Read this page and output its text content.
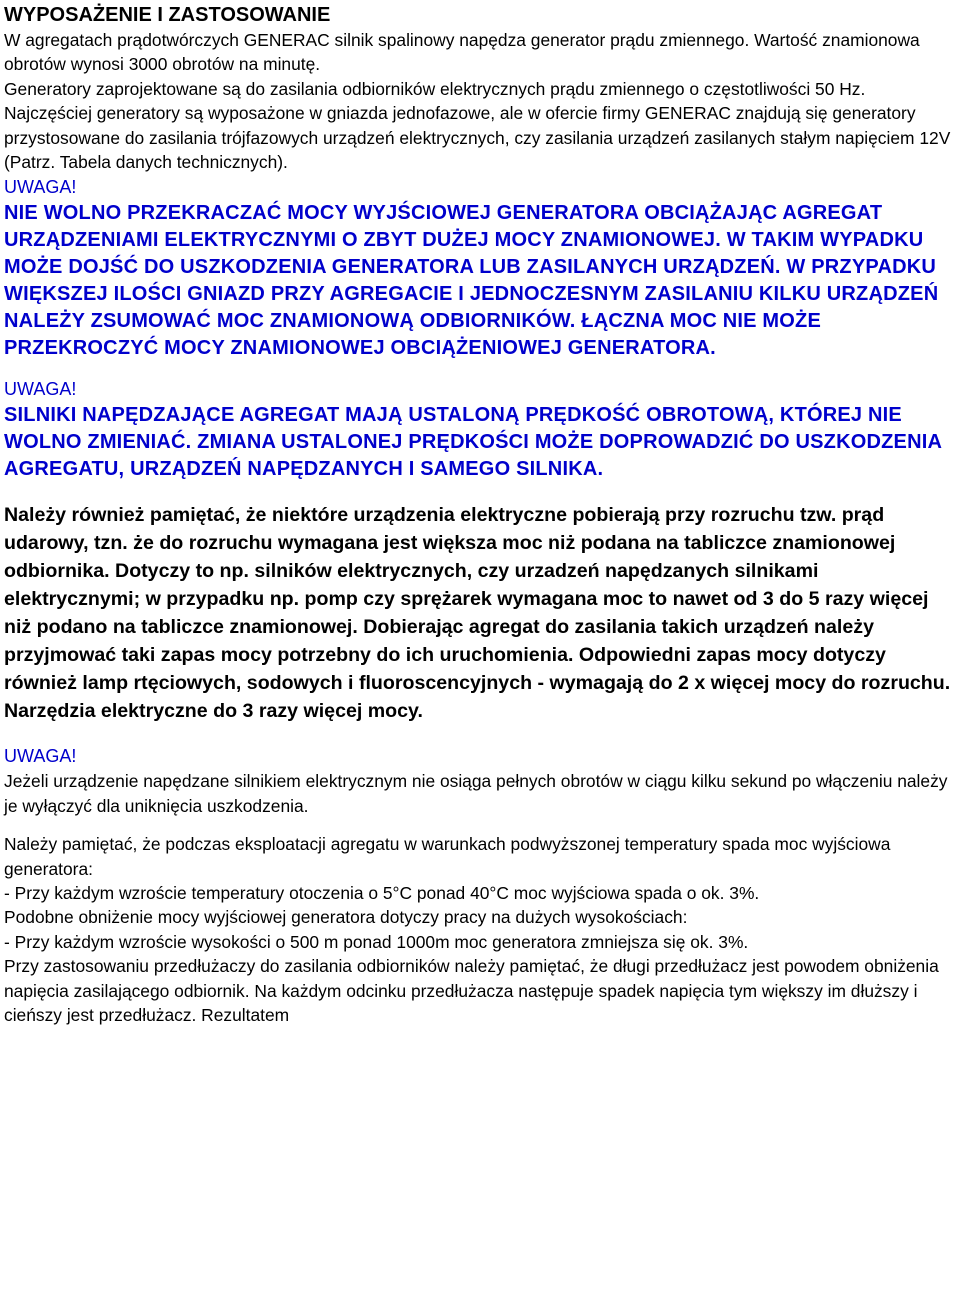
WYPOSAŻENIE I ZASTOSOWANIE

W agregatach prądotwórczych GENERAC silnik spalinowy napędza generator prądu zmiennego. Wartość znamionowa obrotów wynosi 3000 obrotów na minutę.

Generatory zaprojektowane są do zasilania odbiorników elektrycznych prądu zmiennego o częstotliwości 50 Hz.

Najczęściej generatory są wyposażone w gniazda jednofazowe, ale w ofercie firmy GENERAC znajdują się generatory przystosowane do zasilania trójfazowych urządzeń elektrycznych, czy zasilania urządzeń zasilanych stałym napięciem 12V (Patrz. Tabela danych technicznych).

UWAGA!

NIE WOLNO PRZEKRACZAĆ MOCY WYJŚCIOWEJ GENERATORA OBCIĄŻAJĄC AGREGAT URZĄDZENIAMI ELEKTRYCZNYMI O ZBYT DUŻEJ MOCY ZNAMIONOWEJ. W TAKIM WYPADKU MOŻE DOJŚĆ DO USZKODZENIA GENERATORA LUB ZASILANYCH URZĄDZEŃ. W PRZYPADKU WIĘKSZEJ ILOŚCI GNIAZD PRZY AGREGACIE I JEDNOCZESNYM ZASILANIU KILKU URZĄDZEŃ NALEŻY ZSUMOWAĆ MOC ZNAMIONOWĄ ODBIORNIKÓW. ŁĄCZNA MOC NIE MOŻE PRZEKROCZYĆ MOCY ZNAMIONOWEJ OBCIĄŻENIOWEJ GENERATORA.

UWAGA!

SILNIKI NAPĘDZAJĄCE AGREGAT MAJĄ USTALONĄ PRĘDKOŚĆ OBROTOWĄ, KTÓREJ NIE WOLNO ZMIENIAĆ. ZMIANA USTALONEJ PRĘDKOŚCI MOŻE DOPROWADZIĆ DO USZKODZENIA AGREGATU, URZĄDZEŃ NAPĘDZANYCH I SAMEGO SILNIKA.

Należy również pamiętać, że niektóre urządzenia elektryczne pobierają przy rozruchu tzw. prąd udarowy, tzn. że do rozruchu wymagana jest większa moc niż podana na tabliczce znamionowej odbiornika. Dotyczy to np. silników elektrycznych, czy urzadzeń napędzanych silnikami elektrycznymi; w przypadku np. pomp czy sprężarek wymagana moc to nawet od 3 do 5 razy więcej niż podano na tabliczce znamionowej. Dobierając agregat do zasilania takich urządzeń należy przyjmować taki zapas mocy potrzebny do ich uruchomienia. Odpowiedni zapas mocy dotyczy również lamp rtęciowych, sodowych i fluoroscencyjnych - wymagają do 2 x więcej mocy do rozruchu. Narzędzia elektryczne do 3 razy więcej mocy.

UWAGA!

Jeżeli urządzenie napędzane silnikiem elektrycznym nie osiąga pełnych obrotów w ciągu kilku sekund po włączeniu należy je wyłączyć dla uniknięcia uszkodzenia.

Należy pamiętać, że podczas eksploatacji agregatu w warunkach podwyższonej temperatury spada moc wyjściowa generatora:

- Przy każdym wzroście temperatury otoczenia o 5°C ponad 40°C moc wyjściowa spada o ok. 3%.

Podobne obniżenie mocy wyjściowej generatora dotyczy pracy na dużych wysokościach:

- Przy każdym wzroście wysokości o 500 m ponad 1000m moc generatora zmniejsza się ok. 3%.

Przy zastosowaniu przedłużaczy do zasilania odbiorników należy pamiętać, że długi przedłużacz jest powodem obniżenia napięcia zasilającego odbiornik. Na każdym odcinku przedłużacza następuje spadek napięcia tym większy im dłuższy i cieńszy jest przedłużacz. Rezultatem
